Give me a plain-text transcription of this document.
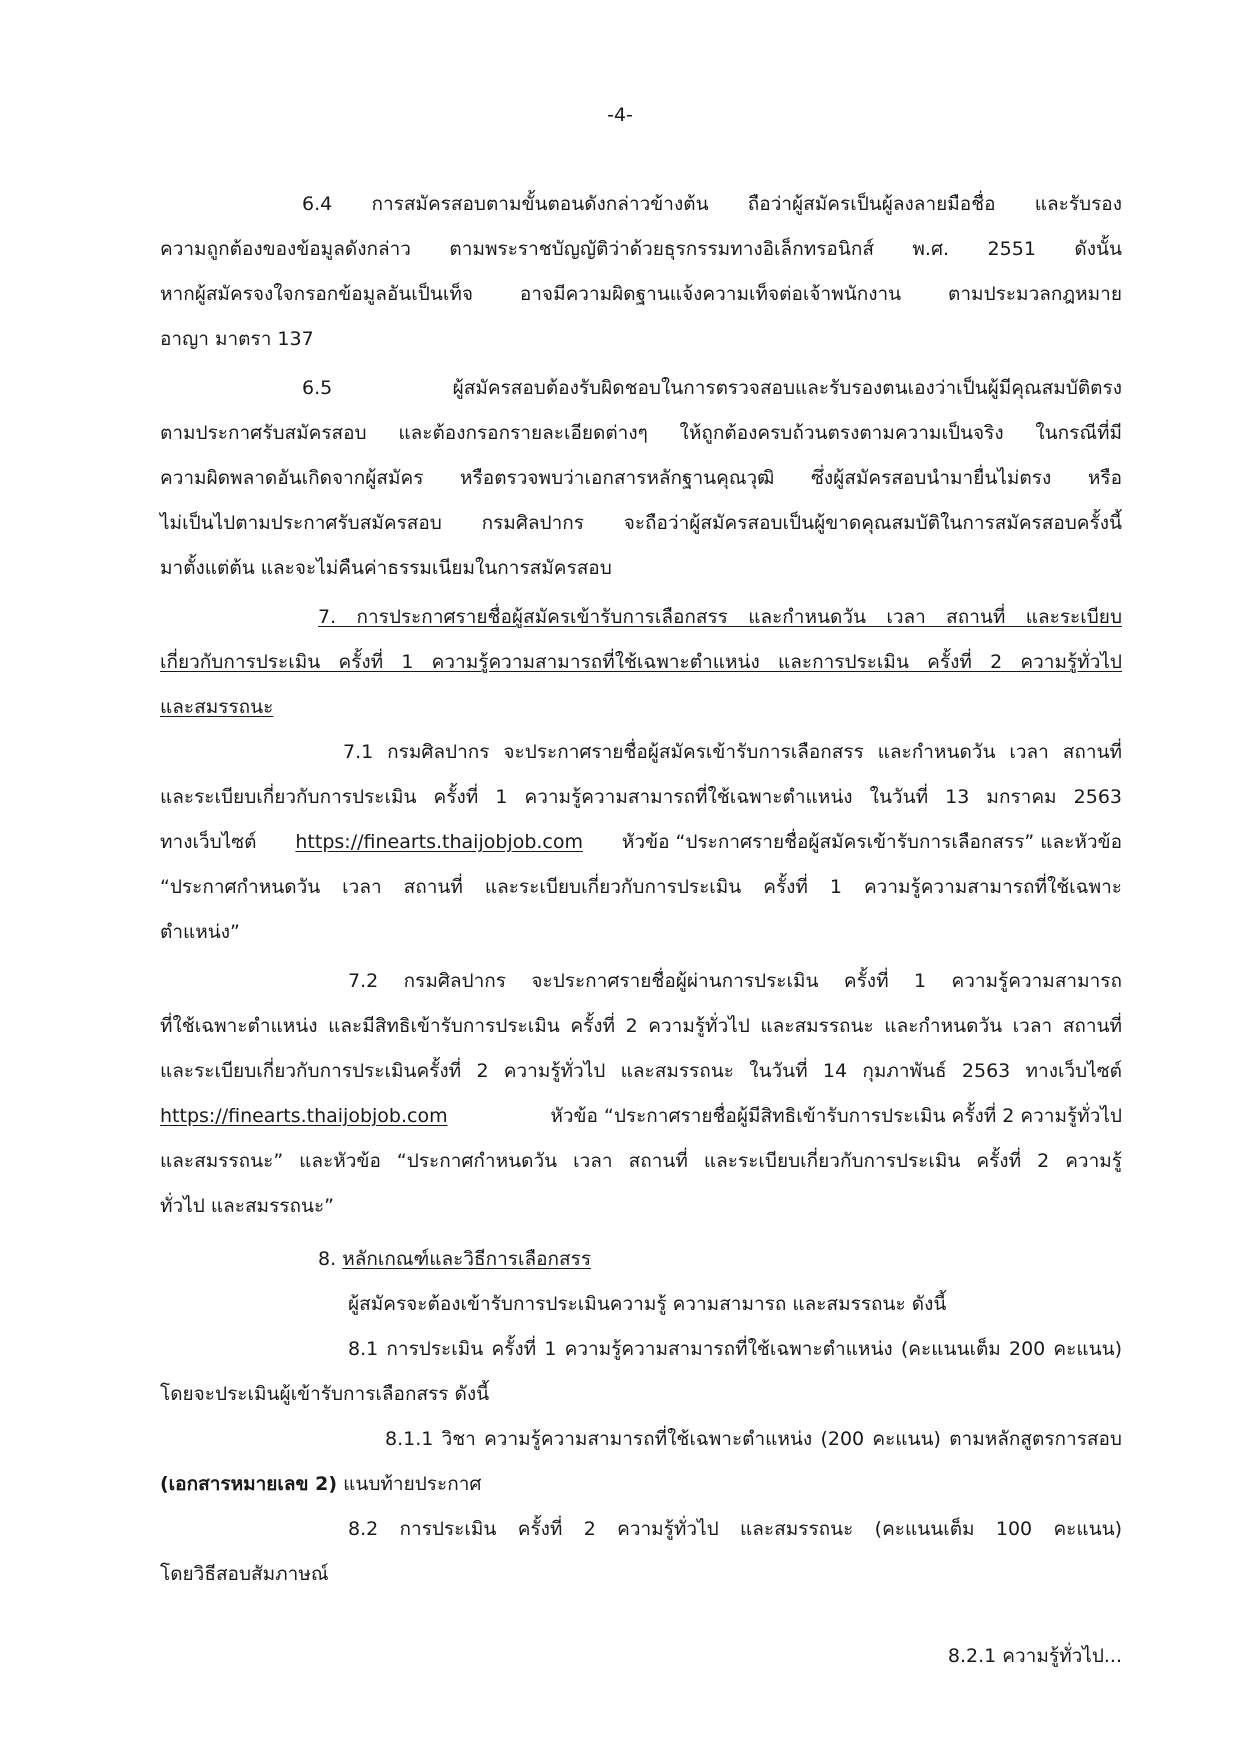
-4-

6.4 การสมัครสอบตามขั้นตอนดังกล่าวข้างต้น ถือว่าผู้สมัครเป็นผู้ลงลายมือชื่อ และรับรอง

ความถูกต้องของข้อมูลดังกล่าว ตามพระราชบัญญัติว่าด้วยธุรกรรมทางอิเล็กทรอนิกส์ พ.ศ. 2551 ดังนั้น

หากผู้สมัครจงใจกรอกข้อมูลอันเป็นเท็จ อาจมีความผิดฐานแจ้งความเท็จต่อเจ้าพนักงาน ตามประมวลกฎหมาย

อาญา มาตรา 137

6.5 ผู้สมัครสอบต้องรับผิดชอบในการตรวจสอบและรับรองตนเองว่าเป็นผู้มีคุณสมบัติตรง

ตามประกาศรับสมัครสอบ และต้องกรอกรายละเอียดต่างๆ ให้ถูกต้องครบถ้วนตรงตามความเป็นจริง ในกรณีที่มี

ความผิดพลาดอันเกิดจากผู้สมัคร หรือตรวจพบว่าเอกสารหลักฐานคุณวุฒิ ซึ่งผู้สมัครสอบนำมายื่นไม่ตรง หรือ

ไม่เป็นไปตามประกาศรับสมัครสอบ กรมศิลปากร จะถือว่าผู้สมัครสอบเป็นผู้ขาดคุณสมบัติในการสมัครสอบครั้งนี้

มาตั้งแต่ต้น และจะไม่คืนค่าธรรมเนียมในการสมัครสอบ

7. การประกาศรายชื่อผู้สมัครเข้ารับการเลือกสรร และกำหนดวัน เวลา สถานที่ และระเบียบ

เกี่ยวกับการประเมิน ครั้งที่ 1 ความรู้ความสามารถที่ใช้เฉพาะตำแหน่ง และการประเมิน ครั้งที่ 2 ความรู้ทั่วไป

และสมรรถนะ

7.1 กรมศิลปากร จะประกาศรายชื่อผู้สมัครเข้ารับการเลือกสรร และกำหนดวัน เวลา สถานที่

และระเบียบเกี่ยวกับการประเมิน ครั้งที่ 1 ความรู้ความสามารถที่ใช้เฉพาะตำแหน่ง ในวันที่ 13 มกราคม 2563

ทางเว็บไซต์ https://finearts.thaijobjob.com หัวข้อ “ประกาศรายชื่อผู้สมัครเข้ารับการเลือกสรร” และหัวข้อ

“ประกาศกำหนดวัน เวลา สถานที่ และระเบียบเกี่ยวกับการประเมิน ครั้งที่ 1 ความรู้ความสามารถที่ใช้เฉพาะ

ตำแหน่ง”

7.2 กรมศิลปากร จะประกาศรายชื่อผู้ผ่านการประเมิน ครั้งที่ 1 ความรู้ความสามารถ

ที่ใช้เฉพาะตำแหน่ง และมีสิทธิเข้ารับการประเมิน ครั้งที่ 2 ความรู้ทั่วไป และสมรรถนะ และกำหนดวัน เวลา สถานที่

และระเบียบเกี่ยวกับการประเมินครั้งที่ 2 ความรู้ทั่วไป และสมรรถนะ ในวันที่ 14 กุมภาพันธ์ 2563 ทางเว็บไซต์

https://finearts.thaijobjob.com	หัวข้อ “ประกาศรายชื่อผู้มีสิทธิเข้ารับการประเมิน ครั้งที่ 2 ความรู้ทั่วไป

และสมรรถนะ” และหัวข้อ “ประกาศกำหนดวัน เวลา สถานที่ และระเบียบเกี่ยวกับการประเมิน ครั้งที่ 2 ความรู้

ทั่วไป และสมรรถนะ”

8. หลักเกณฑ์และวิธีการเลือกสรร

ผู้สมัครจะต้องเข้ารับการประเมินความรู้ ความสามารถ และสมรรถนะ ดังนี้

8.1 การประเมิน ครั้งที่ 1 ความรู้ความสามารถที่ใช้เฉพาะตำแหน่ง (คะแนนเต็ม 200 คะแนน)

โดยจะประเมินผู้เข้ารับการเลือกสรร ดังนี้

8.1.1 วิชา ความรู้ความสามารถที่ใช้เฉพาะตำแหน่ง (200 คะแนน) ตามหลักสูตรการสอบ

(เอกสารหมายเลข 2) แนบท้ายประกาศ

8.2 การประเมิน ครั้งที่ 2 ความรู้ทั่วไป และสมรรถนะ (คะแนนเต็ม 100 คะแนน)

โดยวิธีสอบสัมภาษณ์

8.2.1 ความรู้ทั่วไป...
